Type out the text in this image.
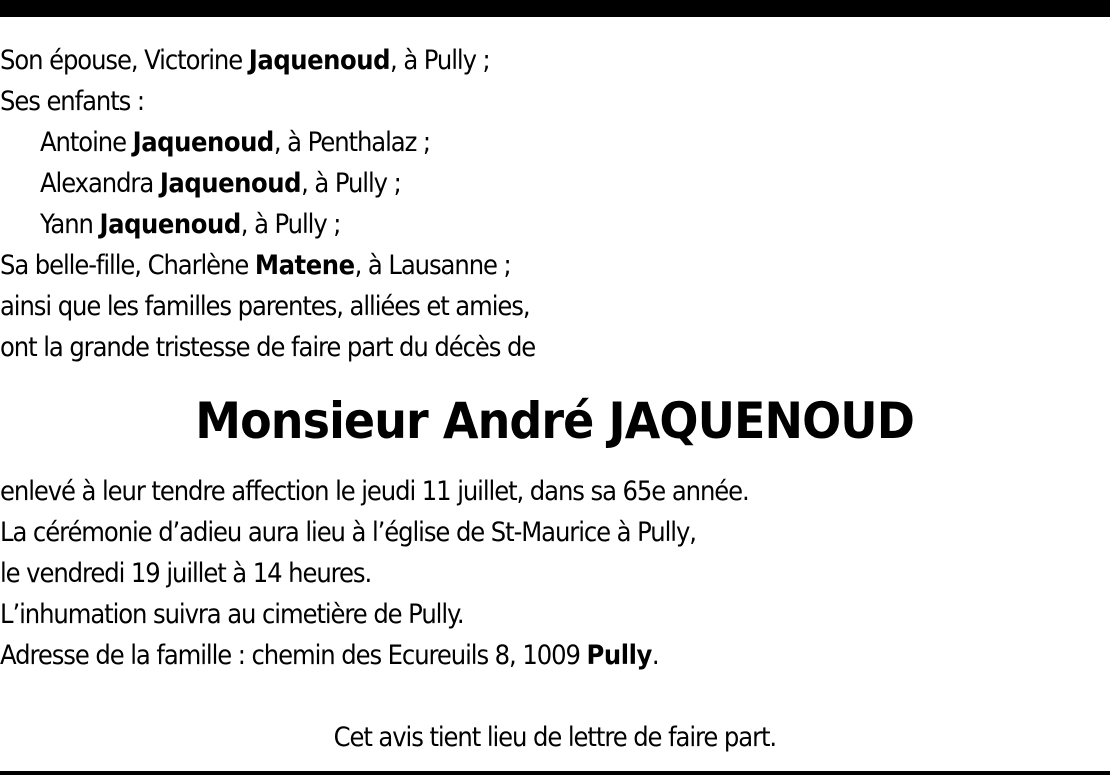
Son épouse, Victorine Jaquenoud, à Pully ;
Ses enfants :
Antoine Jaquenoud, à Penthalaz ;
Alexandra Jaquenoud, à Pully ;
Yann Jaquenoud, à Pully ;
Sa belle-fille, Charlène Matene, à Lausanne ;
ainsi que les familles parentes, alliées et amies,
ont la grande tristesse de faire part du décès de
Monsieur André JAQUENOUD
enlevé à leur tendre affection le jeudi 11 juillet, dans sa 65e année.
La cérémonie d’adieu aura lieu à l’église de St-Maurice à Pully,
le vendredi 19 juillet à 14 heures.
L’inhumation suivra au cimetière de Pully.
Adresse de la famille : chemin des Ecureuils 8, 1009 Pully.
Cet avis tient lieu de lettre de faire part.
